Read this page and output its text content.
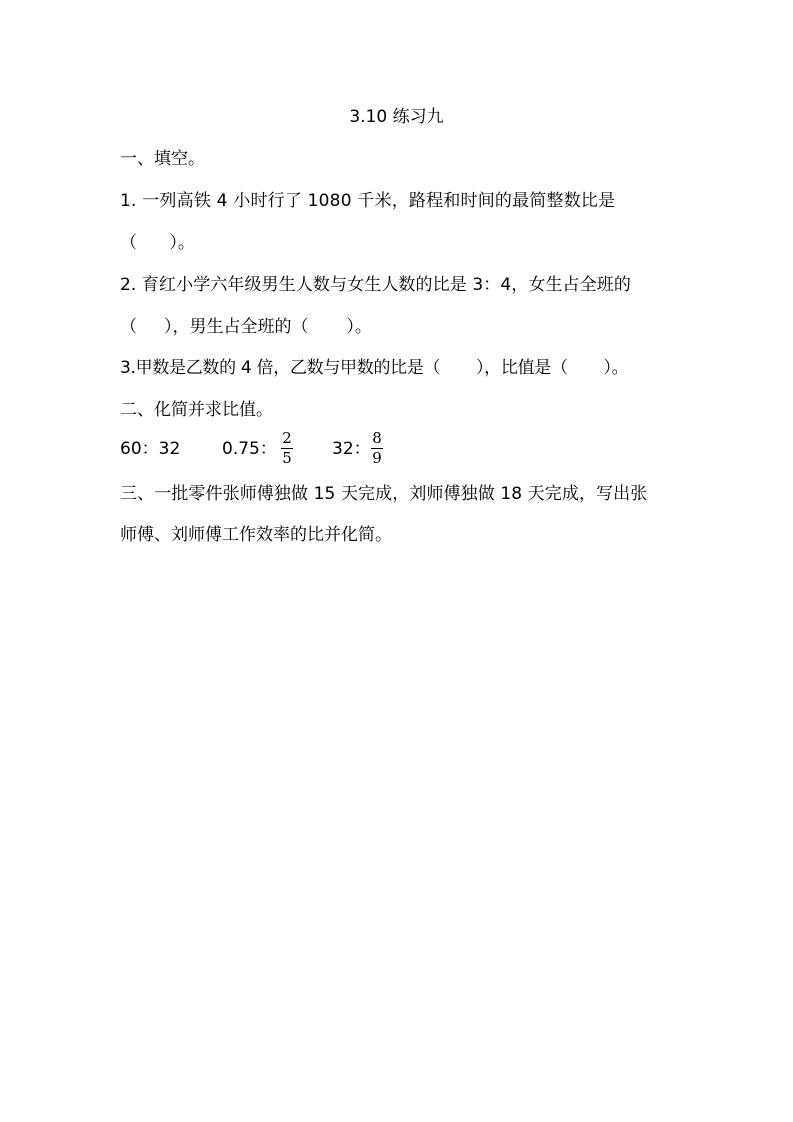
3.10 练习九
一、填空。
1. 一列高铁 4 小时行了 1080 千米，路程和时间的最简整数比是
（      ）。
2. 育红小学六年级男生人数与女生人数的比是 3：4，女生占全班的
（     ），男生占全班的（       ）。
3.甲数是乙数的 4 倍，乙数与甲数的比是（       ），比值是（       ）。
二、化简并求比值。
60：32 0.75：
2
5 32：
8
9
三、一批零件张师傅独做 15 天完成，刘师傅独做 18 天完成，写出张
师傅、刘师傅工作效率的比并化简。
